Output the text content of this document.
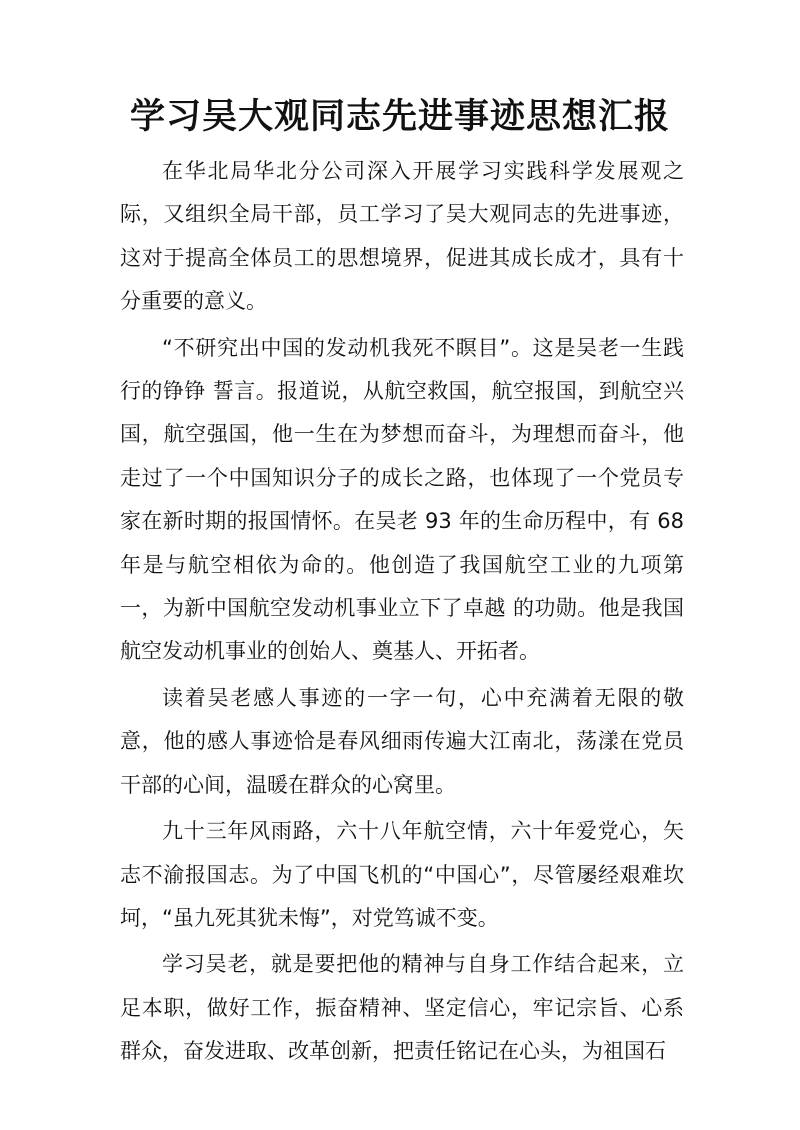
学习吴大观同志先进事迹思想汇报

在华北局华北分公司深入开展学习实践科学发展观之际，又组织全局干部，员工学习了吴大观同志的先进事迹，这对于提高全体员工的思想境界，促进其成长成才，具有十分重要的意义。

“不研究出中国的发动机我死不瞑目”。这是吴老一生践行的铮铮 誓言。报道说，从航空救国，航空报国，到航空兴国，航空强国，他一生在为梦想而奋斗，为理想而奋斗，他走过了一个中国知识分子的成长之路，也体现了一个党员专家在新时期的报国情怀。在吴老 93 年的生命历程中，有 68 年是与航空相依为命的。他创造了我国航空工业的九项第一，为新中国航空发动机事业立下了卓越 的功勋。他是我国航空发动机事业的创始人、奠基人、开拓者。

读着吴老感人事迹的一字一句，心中充满着无限的敬意，他的感人事迹恰是春风细雨传遍大江南北，荡漾在党员干部的心间，温暖在群众的心窝里。

九十三年风雨路，六十八年航空情，六十年爱党心，矢志不渝报国志。为了中国飞机的“中国心”，尽管屡经艰难坎坷，“虽九死其犹未悔”，对党笃诚不变。

学习吴老，就是要把他的精神与自身工作结合起来，立足本职，做好工作，振奋精神、坚定信心，牢记宗旨、心系群众，奋发进取、改革创新，把责任铭记在心头，为祖国石
